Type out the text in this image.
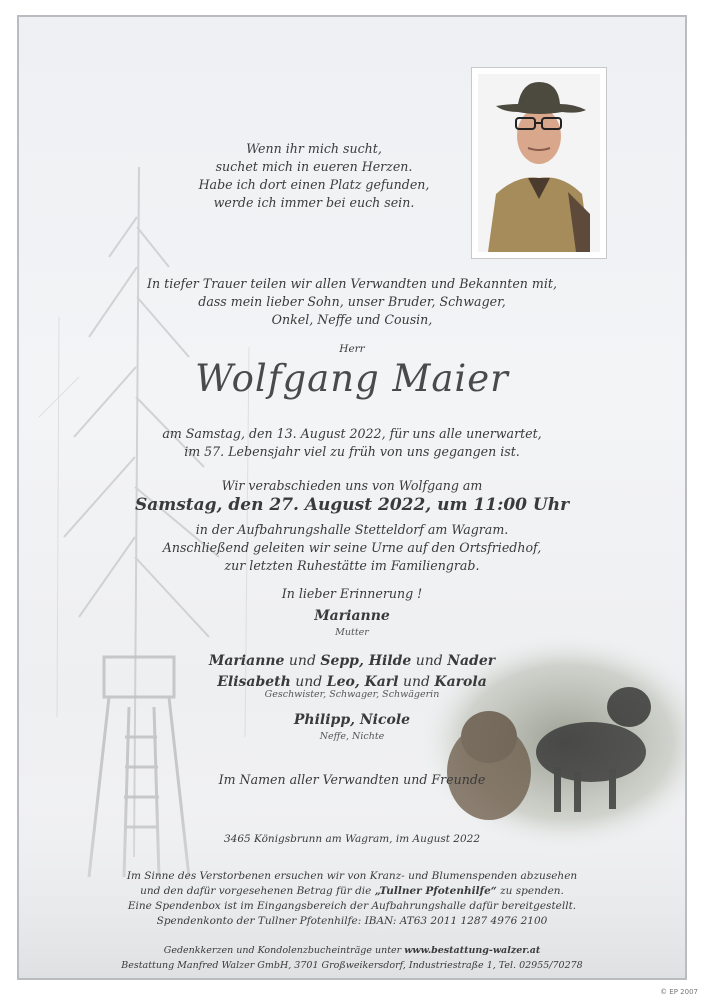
Wenn ihr mich sucht,
suchet mich in eueren Herzen.
Habe ich dort einen Platz gefunden,
werde ich immer bei euch sein.
In tiefer Trauer teilen wir allen Verwandten und Bekannten mit,
dass mein lieber Sohn, unser Bruder, Schwager,
Onkel, Neffe und Cousin,
Herr
Wolfgang Maier
am Samstag, den 13. August 2022, für uns alle unerwartet,
im 57. Lebensjahr viel zu früh von uns gegangen ist.
Wir verabschieden uns von Wolfgang am
Samstag, den 27. August 2022, um 11:00 Uhr
in der Aufbahrungshalle Stetteldorf am Wagram.
Anschließend geleiten wir seine Urne auf den Ortsfriedhof,
zur letzten Ruhestätte im Familiengrab.
In lieber Erinnerung !
Marianne
Mutter
Marianne und Sepp, Hilde und Nader
Elisabeth und Leo, Karl und Karola
Geschwister, Schwager, Schwägerin
Philipp, Nicole
Neffe, Nichte
Im Namen aller Verwandten und Freunde
3465 Königsbrunn am Wagram, im August 2022
Im Sinne des Verstorbenen ersuchen wir von Kranz- und Blumenspenden abzusehen
und den dafür vorgesehenen Betrag für die „Tullner Pfotenhilfe“ zu spenden.
Eine Spendenbox ist im Eingangsbereich der Aufbahrungshalle dafür bereitgestellt.
Spendenkonto der Tullner Pfotenhilfe: IBAN: AT63 2011 1287 4976 2100
Gedenkkerzen und Kondolenzbucheinträge unter www.bestattung-walzer.at
Bestattung Manfred Walzer GmbH, 3701 Großweikersdorf, Industriestraße 1, Tel. 02955/70278
© EP 2007
